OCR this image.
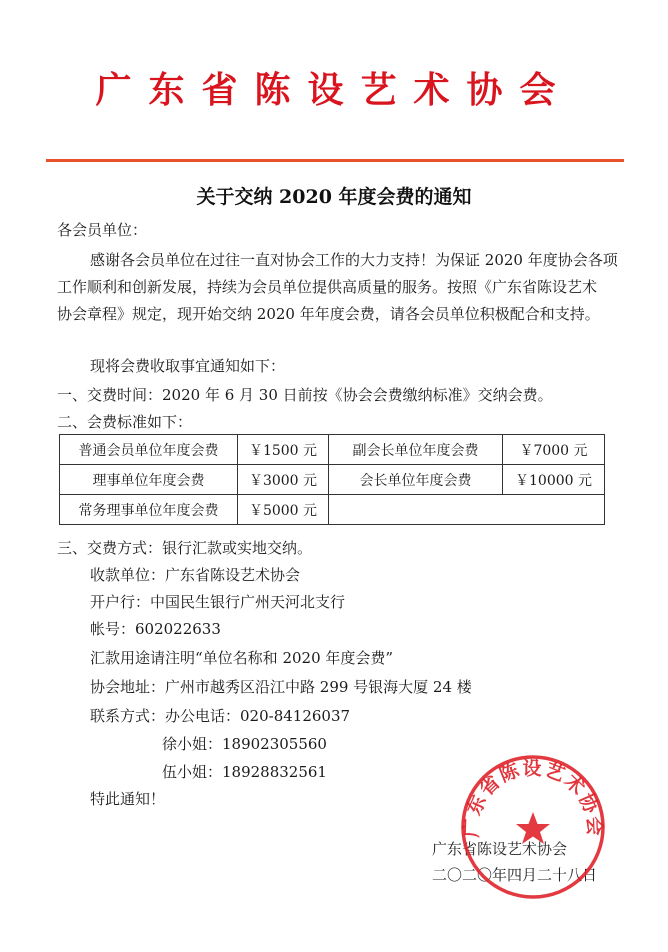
广东省陈设艺术协会
关于交纳 2020 年度会费的通知
各会员单位：
感谢各会员单位在过往一直对协会工作的大力支持！为保证 2020 年度协会各项
工作顺利和创新发展，持续为会员单位提供高质量的服务。按照《广东省陈设艺术
协会章程》规定，现开始交纳 2020 年年度会费，请各会员单位积极配合和支持。
现将会费收取事宜通知如下：
一、交费时间：2020 年 6 月 30 日前按《协会会费缴纳标准》交纳会费。
二、会费标准如下：
普通会员单位年度会费	￥1500 元	副会长单位年度会费	￥7000 元
理事单位年度会费	￥3000 元	会长单位年度会费	￥10000 元
常务理事单位年度会费	￥5000 元		
三、交费方式：银行汇款或实地交纳。
收款单位：广东省陈设艺术协会
开户行：中国民生银行广州天河北支行
帐号：602022633
汇款用途请注明“单位名称和 2020 年度会费”
协会地址：广州市越秀区沿江中路 299 号银海大厦 24 楼
联系方式：办公电话：020-84126037
徐小姐：18902305560
伍小姐：18928832561
特此通知！
广东省陈设艺术协会
二〇二〇年四月二十八日
广东省陈设艺术协会
